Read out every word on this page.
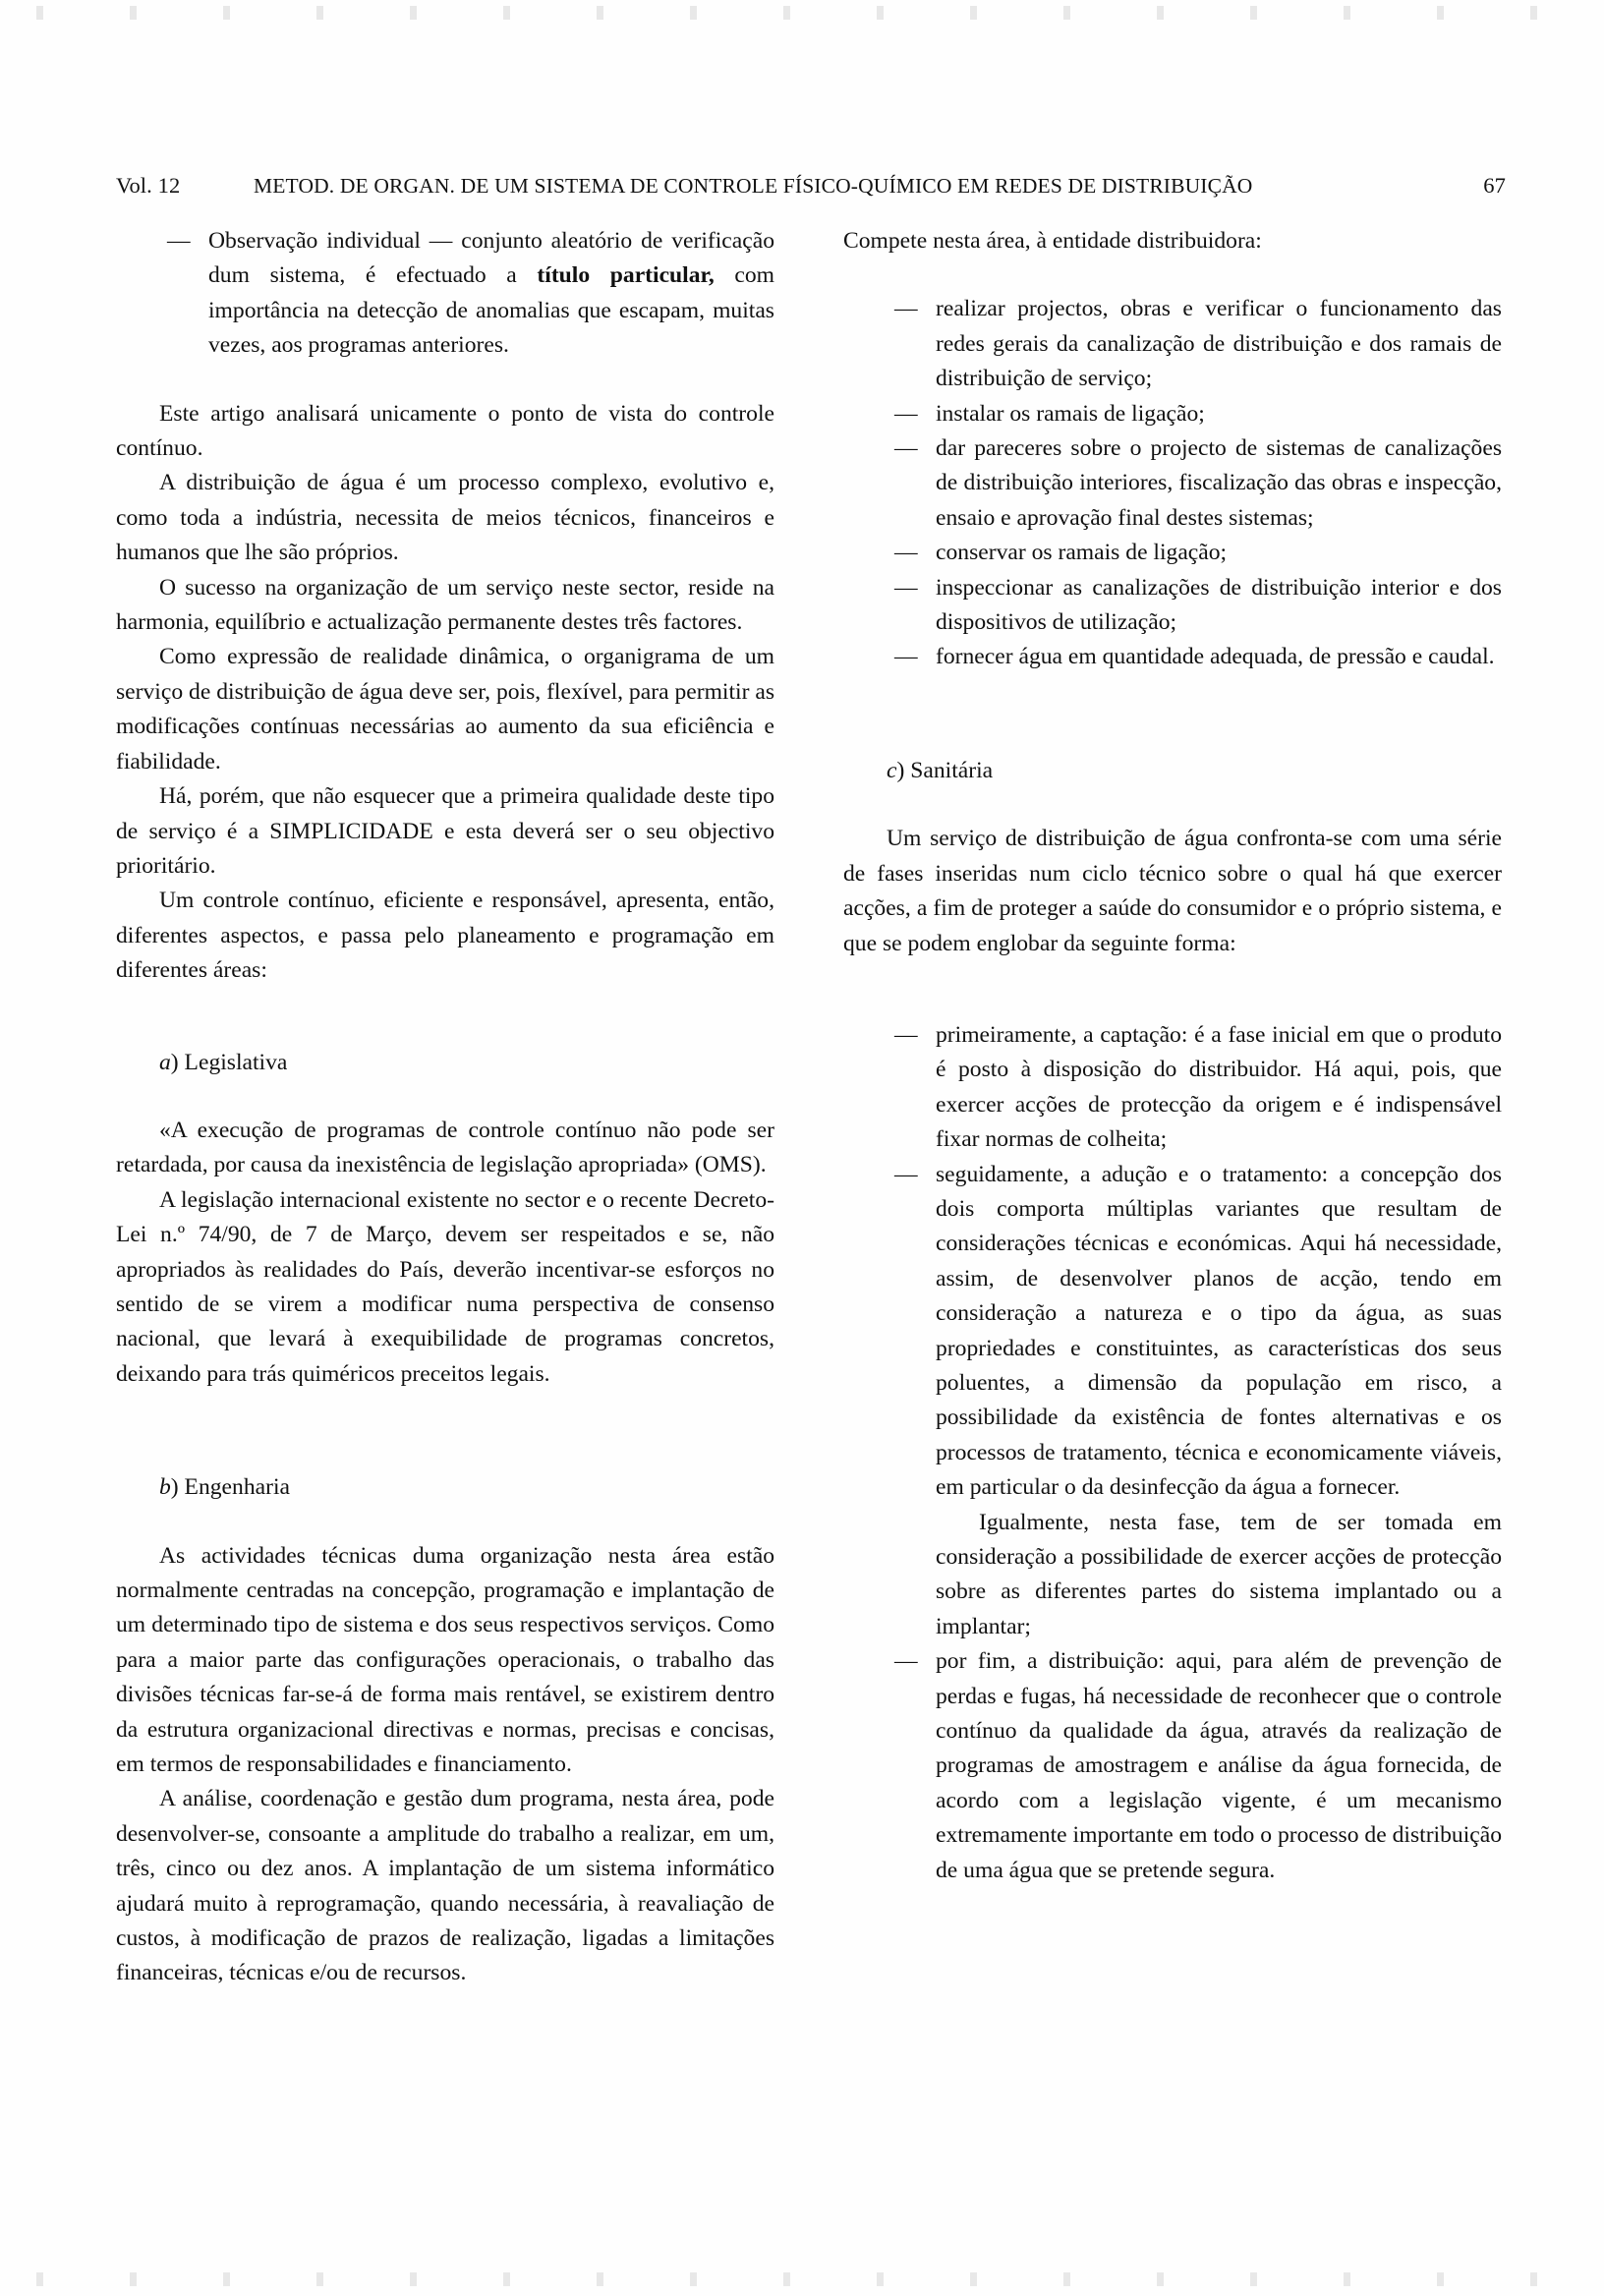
Vol. 12	METOD. DE ORGAN. DE UM SISTEMA DE CONTROLE FÍSICO-QUÍMICO EM REDES DE DISTRIBUIÇÃO	67
— Observação individual — conjunto aleatório de verificação dum sistema, é efectuado a título particular, com importância na detecção de anomalias que escapam, muitas vezes, aos programas anteriores.

Este artigo analisará unicamente o ponto de vista do controle contínuo.

A distribuição de água é um processo complexo, evolutivo e, como toda a indústria, necessita de meios técnicos, financeiros e humanos que lhe são próprios.

O sucesso na organização de um serviço neste sector, reside na harmonia, equilíbrio e actualização permanente destes três factores.

Como expressão de realidade dinâmica, o organigrama de um serviço de distribuição de água deve ser, pois, flexível, para permitir as modificações contínuas necessárias ao aumento da sua eficiência e fiabilidade.

Há, porém, que não esquecer que a primeira qualidade deste tipo de serviço é a SIMPLICIDADE e esta deverá ser o seu objectivo prioritário.

Um controle contínuo, eficiente e responsável, apresenta, então, diferentes aspectos, e passa pelo planeamento e programação em diferentes áreas:

a) Legislativa

«A execução de programas de controle contínuo não pode ser retardada, por causa da inexistência de legislação apropriada» (OMS).

A legislação internacional existente no sector e o recente Decreto-Lei n.º 74/90, de 7 de Março, devem ser respeitados e se, não apropriados às realidades do País, deverão incentivar-se esforços no sentido de se virem a modificar numa perspectiva de consenso nacional, que levará à exequibilidade de programas concretos, deixando para trás quiméricos preceitos legais.

b) Engenharia

As actividades técnicas duma organização nesta área estão normalmente centradas na concepção, programação e implantação de um determinado tipo de sistema e dos seus respectivos serviços. Como para a maior parte das configurações operacionais, o trabalho das divisões técnicas far-se-á de forma mais rentável, se existirem dentro da estrutura organizacional directivas e normas, precisas e concisas, em termos de responsabilidades e financiamento.

A análise, coordenação e gestão dum programa, nesta área, pode desenvolver-se, consoante a amplitude do trabalho a realizar, em um, três, cinco ou dez anos. A implantação de um sistema informático ajudará muito à reprogramação, quando necessária, à reavaliação de custos, à modificação de prazos de realização, ligadas a limitações financeiras, técnicas e/ou de recursos.

Compete nesta área, à entidade distribuidora:

— realizar projectos, obras e verificar o funcionamento das redes gerais da canalização de distribuição e dos ramais de distribuição de serviço;
— instalar os ramais de ligação;
— dar pareceres sobre o projecto de sistemas de canalizações de distribuição interiores, fiscalização das obras e inspecção, ensaio e aprovação final destes sistemas;
— conservar os ramais de ligação;
— inspeccionar as canalizações de distribuição interior e dos dispositivos de utilização;
— fornecer água em quantidade adequada, de pressão e caudal.
c) Sanitária

Um serviço de distribuição de água confronta-se com uma série de fases inseridas num ciclo técnico sobre o qual há que exercer acções, a fim de proteger a saúde do consumidor e o próprio sistema, e que se podem englobar da seguinte forma:

— primeiramente, a captação: é a fase inicial em que o produto é posto à disposição do distribuidor. Há aqui, pois, que exercer acções de protecção da origem e é indispensável fixar normas de colheita;
— seguidamente, a adução e o tratamento: a concepção dos dois comporta múltiplas variantes que resultam de considerações técnicas e económicas. Aqui há necessidade, assim, de desenvolver planos de acção, tendo em consideração a natureza e o tipo da água, as suas propriedades e constituintes, as características dos seus poluentes, a dimensão da população em risco, a possibilidade da existência de fontes alternativas e os processos de tratamento, técnica e economicamente viáveis, em particular o da desinfecção da água a fornecer.
Igualmente, nesta fase, tem de ser tomada em consideração a possibilidade de exercer acções de protecção sobre as diferentes partes do sistema implantado ou a implantar;
— por fim, a distribuição: aqui, para além de prevenção de perdas e fugas, há necessidade de reconhecer que o controle contínuo da qualidade da água, através da realização de programas de amostragem e análise da água fornecida, de acordo com a legislação vigente, é um mecanismo extremamente importante em todo o processo de distribuição de uma água que se pretende segura.
